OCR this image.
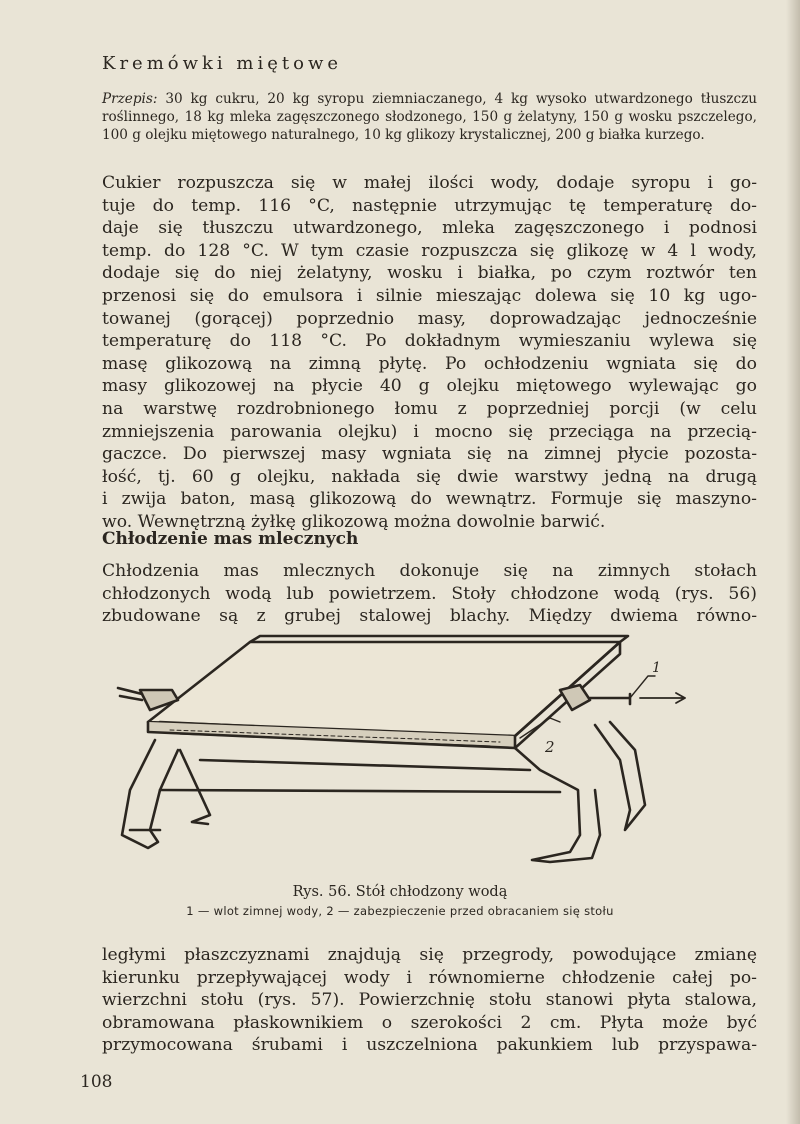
Kremówki miętowe
Przepis: 30 kg cukru, 20 kg syropu ziemniaczanego, 4 kg wysoko utwardzonego tłuszczu roślinnego, 18 kg mleka zagęszczonego słodzonego, 150 g żelatyny, 150 g wosku pszczelego, 100 g olejku miętowego naturalnego, 10 kg glikozy krystalicznej, 200 g białka kurzego.
Cukier rozpuszcza się w małej ilości wody, dodaje syropu i go-
tuje do temp. 116 °C, następnie utrzymując tę temperaturę do-
daje się tłuszczu utwardzonego, mleka zagęszczonego i podnosi
temp. do 128 °C. W tym czasie rozpuszcza się glikozę w 4 l wody,
dodaje się do niej żelatyny, wosku i białka, po czym roztwór ten
przenosi się do emulsora i silnie mieszając dolewa się 10 kg ugo-
towanej (gorącej) poprzednio masy, doprowadzając jednocześnie
temperaturę do 118 °C. Po dokładnym wymieszaniu wylewa się
masę glikozową na zimną płytę. Po ochłodzeniu wgniata się do
masy glikozowej na płycie 40 g olejku miętowego wylewając go
na warstwę rozdrobnionego łomu z poprzedniej porcji (w celu
zmniejszenia parowania olejku) i mocno się przeciąga na przecią-
gaczce. Do pierwszej masy wgniata się na zimnej płycie pozosta-
łość, tj. 60 g olejku, nakłada się dwie warstwy jedną na drugą
i zwija baton, masą glikozową do wewnątrz. Formuje się maszyno-
wo. Wewnętrzną żyłkę glikozową można dowolnie barwić.
Chłodzenie mas mlecznych
Chłodzenia mas mlecznych dokonuje się na zimnych stołach
chłodzonych wodą lub powietrzem. Stoły chłodzone wodą (rys. 56)
zbudowane są z grubej stalowej blachy. Między dwiema równo-
1
2
Rys. 56. Stół chłodzony wodą
1 — wlot zimnej wody, 2 — zabezpieczenie przed obracaniem się stołu
ległymi płaszczyznami znajdują się przegrody, powodujące zmianę
kierunku przepływającej wody i równomierne chłodzenie całej po-
wierzchni stołu (rys. 57). Powierzchnię stołu stanowi płyta stalowa,
obramowana płaskownikiem o szerokości 2 cm. Płyta może być
przymocowana śrubami i uszczelniona pakunkiem lub przyspawa-
108
